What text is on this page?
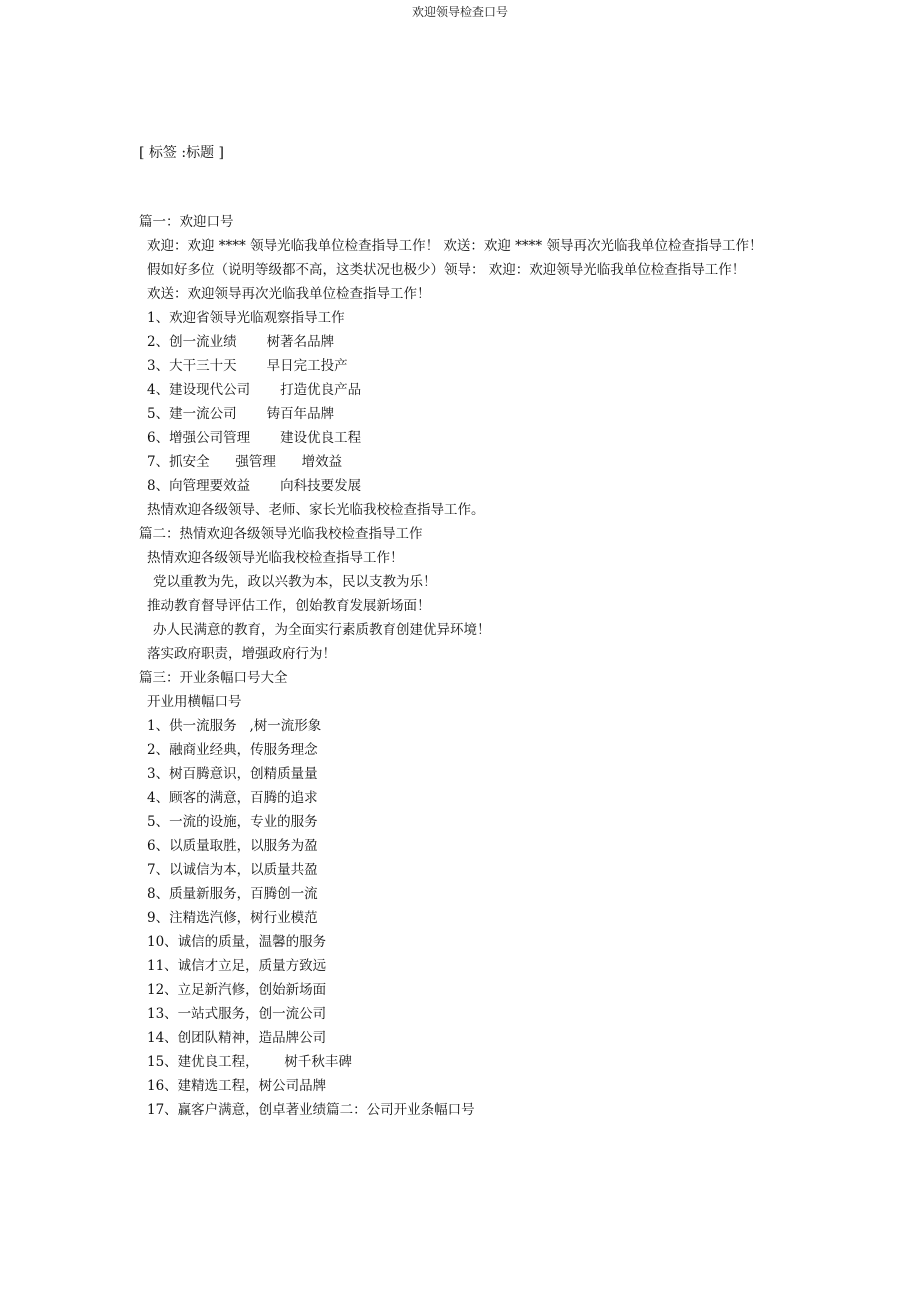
欢迎领导检查口号
[ 标签 :标题 ]
篇一：欢迎口号
欢迎：欢迎 **** 领导光临我单位检查指导工作！ 欢送：欢迎 **** 领导再次光临我单位检查指导工作！
假如好多位（说明等级都不高，这类状况也极少）领导： 欢迎：欢迎领导光临我单位检查指导工作！
欢送：欢迎领导再次光临我单位检查指导工作！
1、欢迎省领导光临观察指导工作
2、创一流业绩       树著名品牌
3、大干三十天       早日完工投产
4、建设现代公司       打造优良产品
5、建一流公司       铸百年品牌
6、增强公司管理       建设优良工程
7、抓安全      强管理      增效益
8、向管理要效益       向科技要发展
热情欢迎各级领导、老师、家长光临我校检查指导工作。
篇二：热情欢迎各级领导光临我校检查指导工作
热情欢迎各级领导光临我校检查指导工作！
党以重教为先，政以兴教为本，民以支教为乐！
推动教育督导评估工作，创始教育发展新场面！
办人民满意的教育，为全面实行素质教育创建优异环境！
落实政府职责，增强政府行为！
篇三：开业条幅口号大全
开业用横幅口号
1、供一流服务   ,树一流形象
2、融商业经典，传服务理念
3、树百腾意识，创精质量量
4、顾客的满意，百腾的追求
5、一流的设施，专业的服务
6、以质量取胜，以服务为盈
7、以诚信为本，以质量共盈
8、质量新服务，百腾创一流
9、注精选汽修，树行业模范
10、诚信的质量，温馨的服务
11、诚信才立足，质量方致远
12、立足新汽修，创始新场面
13、一站式服务，创一流公司
14、创团队精神，造品牌公司
15、建优良工程，      树千秋丰碑
16、建精选工程，树公司品牌
17、赢客户满意，创卓著业绩篇二：公司开业条幅口号
